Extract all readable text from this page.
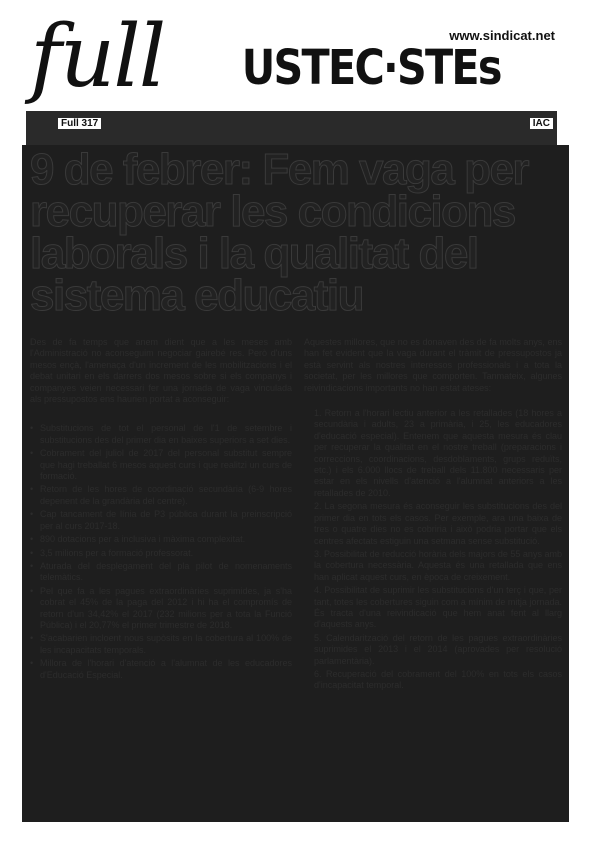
full USTEC·STEs
www.sindicat.net
Full 317	IAC
9 de febrer: Fem vaga per recuperar les condicions laborals i la qualitat del sistema educatiu

Des de fa temps que anem dient que a les meses amb l'Administració no aconseguim negociar gairebé res. Però d'uns mesos ençà, l'amenaça d'un increment de les mobilitzacions i el debat unitari en els darrers dos mesos sobre si els companys i companyes veien necessari fer una jornada de vaga vinculada als pressupostos ens haurien portat a aconseguir:

• Substitucions de tot el personal de l'1 de setembre i substitucions des del primer dia en baixes superiors a set dies.
• Cobrament del juliol de 2017 del personal substitut sempre que hagi treballat 6 mesos aquest curs i que realitzi un curs de formació.
• Retorn de les hores de coordinació secundària (6-9 hores depenent de la grandària del centre).
• Cap tancament de línia de P3 pública durant la preinscripció per al curs 2017-18.
• 890 dotacions per a inclusiva i màxima complexitat.
• 3,5 milions per a formació professorat.
• Aturada del desplegament del pla pilot de nomenaments telemàtics.
• Pel que fa a les pagues extraordinàries suprimides, ja s'ha cobrat el 45% de la paga del 2012 i hi ha el compromís de retorn d'un 34,42% el 2017 (232 milions per a tota la Funció Pública) i el 20,77% el primer trimestre de 2018.
• S'acabarien incloent nous supòsits en la cobertura al 100% de les incapacitats temporals.
• Millora de l'horari d'atenció a l'alumnat de les educadores d'Educació Especial.

Aquestes millores, que no es donaven des de fa molts anys, ens han fet evident que la vaga durant el tràmit de pressupostos ja està servint als nostres interessos professionals i a tota la societat, per les millores que comporten. Tanmateix, algunes reivindicacions importants no han estat ateses:

1. Retorn a l'horari lectiu anterior a les retallades (18 hores a secundària i adults, 23 a primària, i 25, les educadores d'educació especial). Entenem que aquesta mesura és clau per recuperar la qualitat en el nostre treball (preparacions i correccions, coordinacions, desdoblaments, grups reduïts, etc.) i els 6.000 llocs de treball dels 11.800 necessaris per estar en els nivells d'atenció a l'alumnat anteriors a les retallades de 2010.
2. La segona mesura és aconseguir les substitucions des del primer dia en tots els casos. Per exemple, ara una baixa de tres o quatre dies no es cobriria i això podria portar que els centres afectats estiguin una setmana sense substitució.
3. Possibilitat de reducció horària dels majors de 55 anys amb la cobertura necessària. Aquesta és una retallada que ens han aplicat aquest curs, en època de creixement.
4. Possibilitat de suprimir les substitucions d'un terç i que, per tant, totes les cobertures siguin com a mínim de mitja jornada. És tracta d'una reivindicació que hem anat fent al llarg d'aquests anys.
5. Calendarització del retorn de les pagues extraordinàries suprimides el 2013 i el 2014 (aprovades per resolució parlamentària).
6. Recuperació del cobrament del 100% en tots els casos d'incapacitat temporal.
